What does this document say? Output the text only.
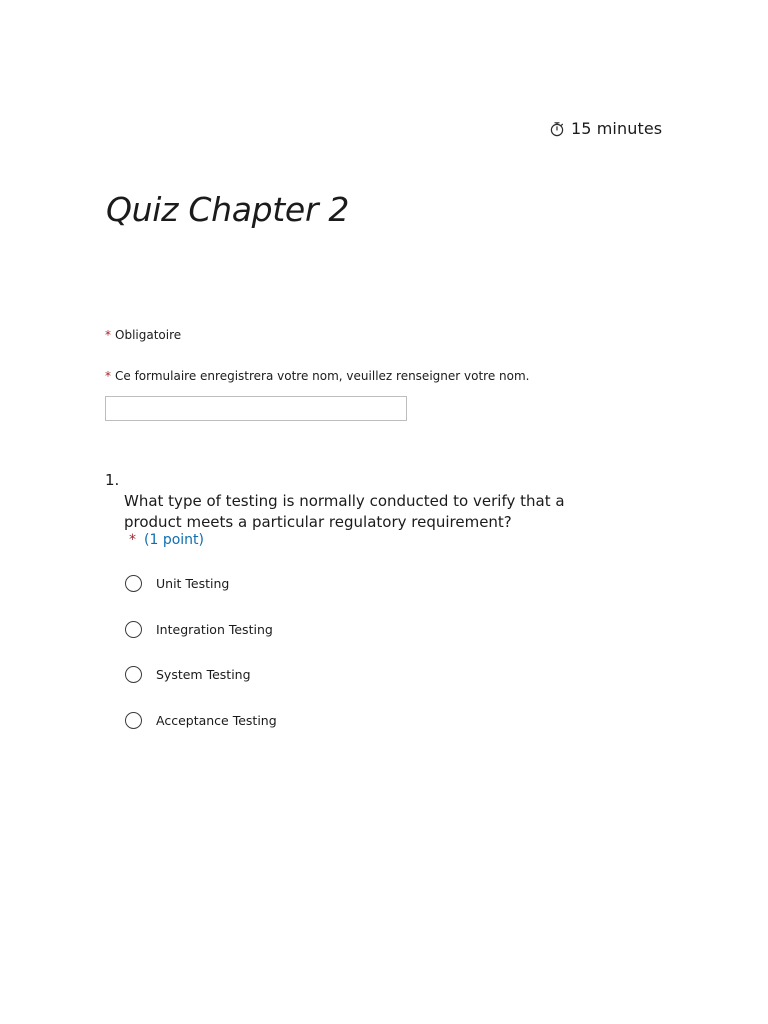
15 minutes
Quiz Chapter 2
* Obligatoire
* Ce formulaire enregistrera votre nom, veuillez renseigner votre nom.
1.
What type of testing is normally conducted to verify that a product meets a particular regulatory requirement?
* (1 point)
Unit Testing
Integration Testing
System Testing
Acceptance Testing
